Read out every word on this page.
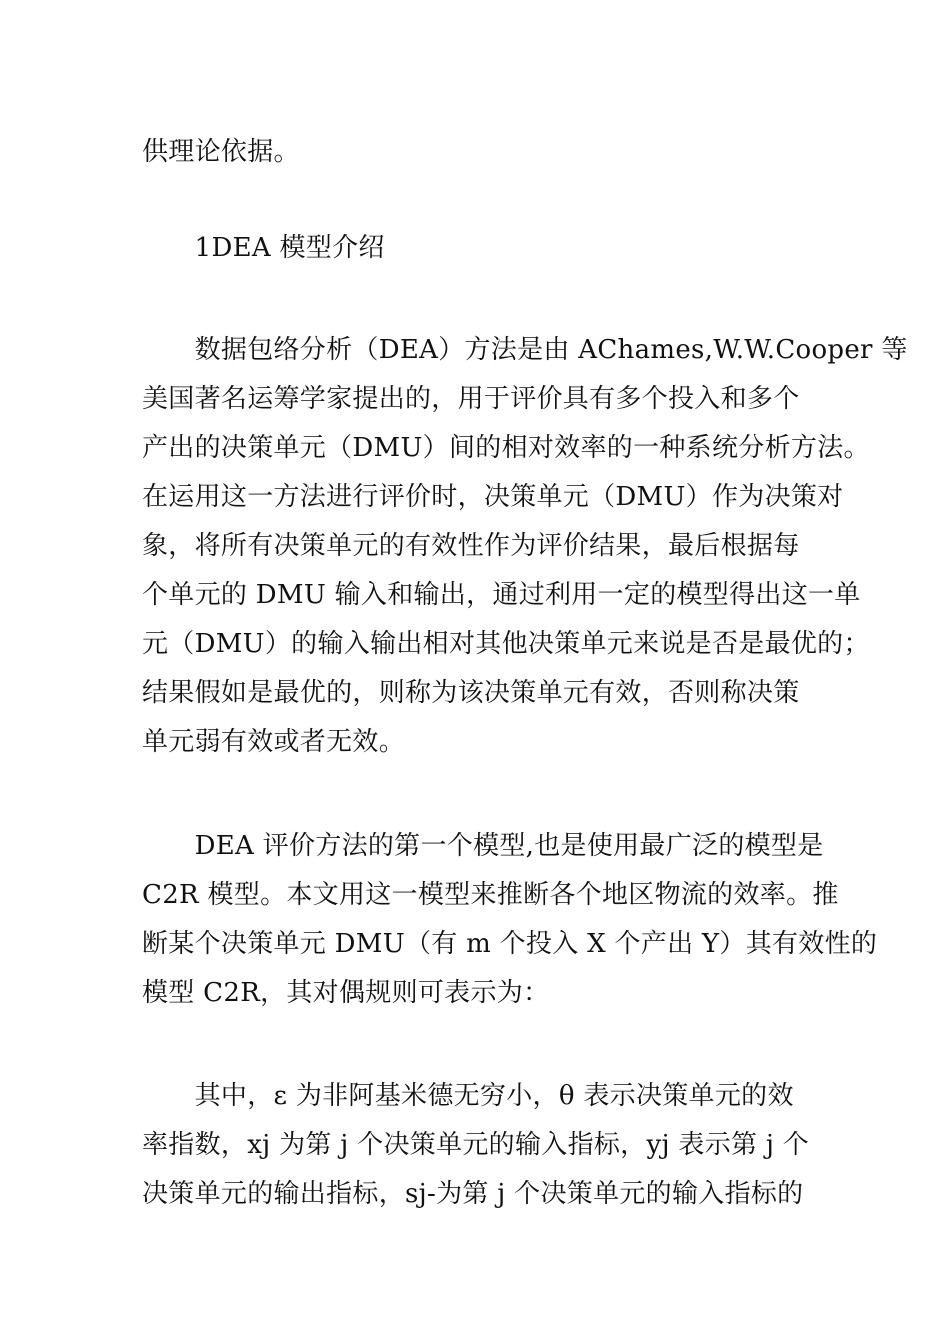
供理论依据。
　　1DEA 模型介绍
　　数据包络分析（DEA）方法是由 AChames,W.W.Cooper 等
美国著名运筹学家提出的，用于评价具有多个投入和多个
产出的决策单元（DMU）间的相对效率的一种系统分析方法。
在运用这一方法进行评价时，决策单元（DMU）作为决策对
象，将所有决策单元的有效性作为评价结果，最后根据每
个单元的 DMU 输入和输出，通过利用一定的模型得出这一单
元（DMU）的输入输出相对其他决策单元来说是否是最优的；
结果假如是最优的，则称为该决策单元有效，否则称决策
单元弱有效或者无效。
　　DEA 评价方法的第一个模型,也是使用最广泛的模型是
C2R 模型。本文用这一模型来推断各个地区物流的效率。推
断某个决策单元 DMU（有 m 个投入 X 个产出 Y）其有效性的
模型 C2R，其对偶规则可表示为：
　　其中，ε 为非阿基米德无穷小，θ 表示决策单元的效
率指数，xj 为第 j 个决策单元的输入指标，yj 表示第 j 个
决策单元的输出指标，sj-为第 j 个决策单元的输入指标的
